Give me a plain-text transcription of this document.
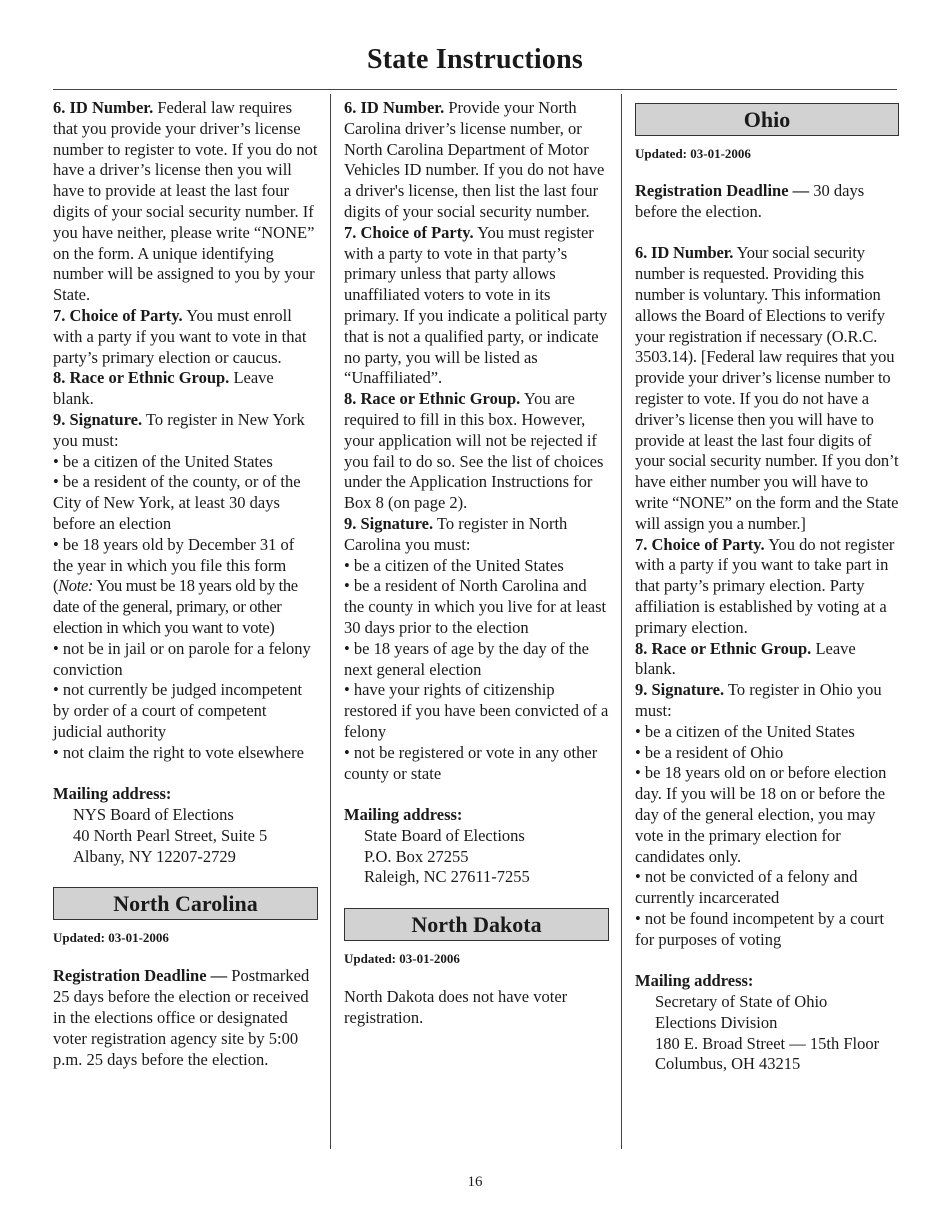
State Instructions

6. ID Number. Federal law requires that you provide your driver’s license number to register to vote. If you do not have a driver’s license then you will have to provide at least the last four digits of your social security number. If you have neither, please write “NONE” on the form. A unique identifying number will be assigned to you by your State.

7. Choice of Party. You must enroll with a party if you want to vote in that party’s primary election or caucus.

8. Race or Ethnic Group. Leave blank.

9. Signature. To register in New York you must:

• be a citizen of the United States

• be a resident of the county, or of the City of New York, at least 30 days before an election

• be 18 years old by December 31 of the year in which you file this form (Note: You must be 18 years old by the date of the general, primary, or other election in which you want to vote)

• not be in jail or on parole for a felony conviction

• not currently be judged incompetent by order of a court of competent judicial authority

• not claim the right to vote elsewhere

Mailing address:

NYS Board of Elections

40 North Pearl Street, Suite 5

Albany, NY 12207-2729

North Carolina
Updated: 03-01-2006

Registration Deadline — Postmarked 25 days before the election or received in the elections office or designated voter registration agency site by 5:00 p.m. 25 days before the election.

6. ID Number. Provide your North Carolina driver’s license number, or North Carolina Department of Motor Vehicles ID number. If you do not have a driver's license, then list the last four digits of your social security number.

7. Choice of Party. You must register with a party to vote in that party’s primary unless that party allows unaffiliated voters to vote in its primary. If you indicate a political party that is not a qualified party, or indicate no party, you will be listed as “Unaffiliated”.

8. Race or Ethnic Group. You are required to fill in this box. However, your application will not be rejected if you fail to do so. See the list of choices under the Application Instructions for Box 8 (on page 2).

9. Signature. To register in North Carolina you must:

• be a citizen of the United States

• be a resident of North Carolina and the county in which you live for at least 30 days prior to the election

• be 18 years of age by the day of the next general election

• have your rights of citizenship restored if you have been convicted of a felony

• not be registered or vote in any other county or state

Mailing address:

State Board of Elections

P.O. Box 27255

Raleigh, NC 27611-7255

North Dakota
Updated: 03-01-2006

North Dakota does not have voter registration.

Ohio
Updated: 03-01-2006

Registration Deadline — 30 days before the election.

6. ID Number. Your social security number is requested. Providing this number is voluntary. This information allows the Board of Elections to verify your registration if necessary (O.R.C. 3503.14). [Federal law requires that you provide your driver’s license number to register to vote. If you do not have a driver’s license then you will have to provide at least the last four digits of your social security number. If you don’t have either number you will have to write “NONE” on the form and the State will assign you a number.]

7. Choice of Party. You do not register with a party if you want to take part in that party’s primary election. Party affiliation is established by voting at a primary election.

8. Race or Ethnic Group. Leave blank.

9. Signature. To register in Ohio you must:

• be a citizen of the United States

• be a resident of Ohio

• be 18 years old on or before election day. If you will be 18 on or before the day of the general election, you may vote in the primary election for candidates only.

• not be convicted of a felony and currently incarcerated

• not be found incompetent by a court for purposes of voting

Mailing address:

Secretary of State of Ohio

Elections Division

180 E. Broad Street — 15th Floor

Columbus, OH 43215

16
